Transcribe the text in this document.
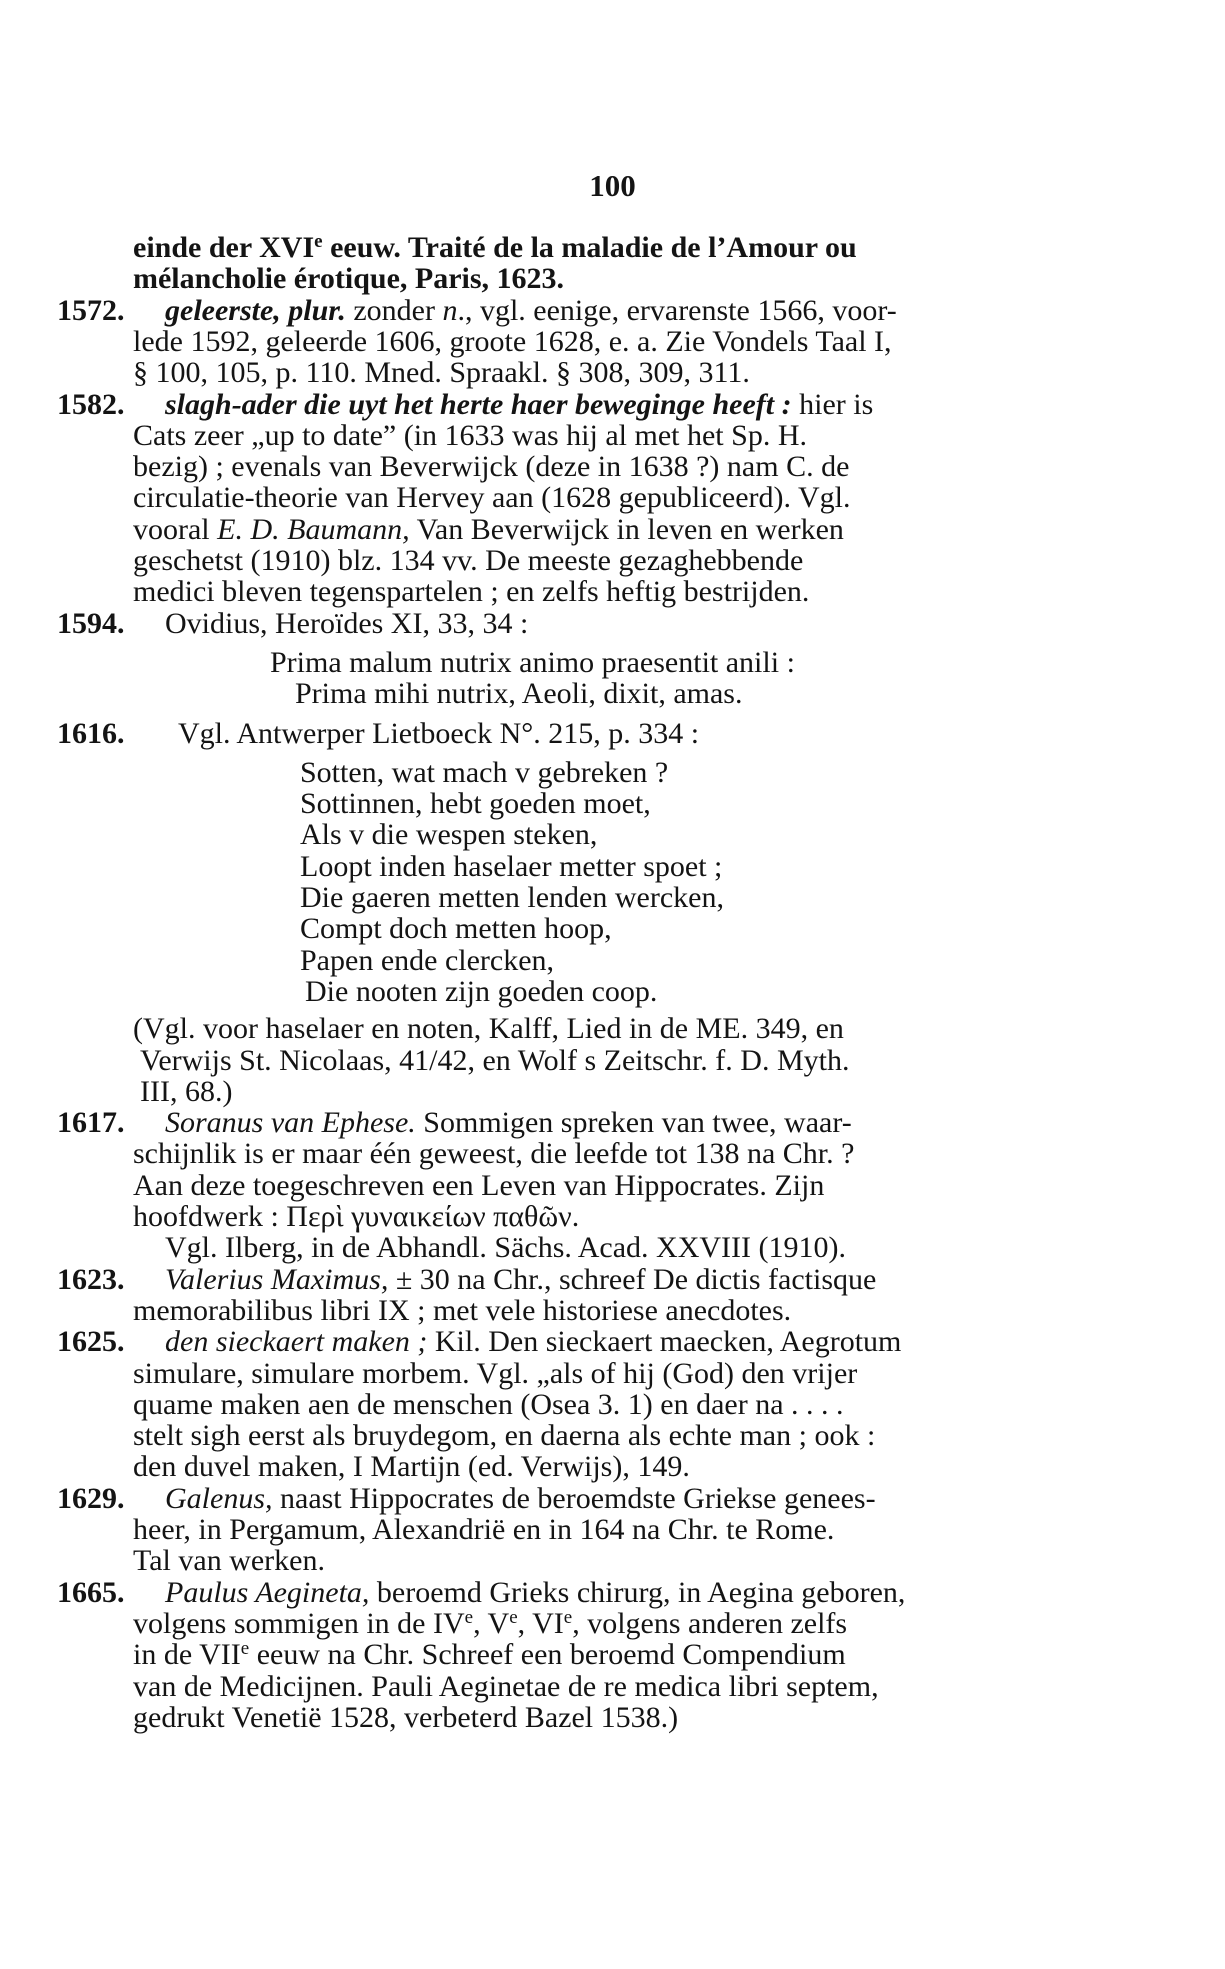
100
einde der XVIe eeuw. Traité de la maladie de l’Amour ou
mélancholie érotique, Paris, 1623.
1572. geleerste, plur. zonder n., vgl. eenige, ervarenste 1566, voor-
lede 1592, geleerde 1606, groote 1628, e. a. Zie Vondels Taal I,
§ 100, 105, p. 110. Mned. Spraakl. § 308, 309, 311.
1582. slagh-ader die uyt het herte haer beweginge heeft : hier is
Cats zeer „up to date” (in 1633 was hij al met het Sp. H.
bezig) ; evenals van Beverwijck (deze in 1638 ?) nam C. de
circulatie-theorie van Hervey aan (1628 gepubliceerd). Vgl.
vooral E. D. Baumann, Van Beverwijck in leven en werken
geschetst (1910) blz. 134 vv. De meeste gezaghebbende
medici bleven tegenspartelen ; en zelfs heftig bestrijden.
1594. Ovidius, Heroïdes XI, 33, 34 :
Prima malum nutrix animo praesentit anili :
Prima mihi nutrix, Aeoli, dixit, amas.
1616. Vgl. Antwerper Lietboeck N°. 215, p. 334 :
Sotten, wat mach v gebreken ?
Sottinnen, hebt goeden moet,
Als v die wespen steken,
Loopt inden haselaer metter spoet ;
Die gaeren metten lenden wercken,
Compt doch metten hoop,
Papen ende clercken,
Die nooten zijn goeden coop.
(Vgl. voor haselaer en noten, Kalff, Lied in de ME. 349, en
Verwijs St. Nicolaas, 41/42, en Wolf s Zeitschr. f. D. Myth.
III, 68.)
1617. Soranus van Ephese. Sommigen spreken van twee, waar-
schijnlik is er maar één geweest, die leefde tot 138 na Chr. ?
Aan deze toegeschreven een Leven van Hippocrates. Zijn
hoofdwerk : Περὶ γυναικείων παθῶν.
Vgl. Ilberg, in de Abhandl. Sächs. Acad. XXVIII (1910).
1623. Valerius Maximus, ± 30 na Chr., schreef De dictis factisque
memorabilibus libri IX ; met vele historiese anecdotes.
1625. den sieckaert maken ; Kil. Den sieckaert maecken, Aegrotum
simulare, simulare morbem. Vgl. „als of hij (God) den vrijer
quame maken aen de menschen (Osea 3. 1) en daer na . . . .
stelt sigh eerst als bruydegom, en daerna als echte man ; ook :
den duvel maken, I Martijn (ed. Verwijs), 149.
1629. Galenus, naast Hippocrates de beroemdste Griekse genees-
heer, in Pergamum, Alexandrië en in 164 na Chr. te Rome.
Tal van werken.
1665. Paulus Aegineta, beroemd Grieks chirurg, in Aegina geboren,
volgens sommigen in de IVe, Ve, VIe, volgens anderen zelfs
in de VIIe eeuw na Chr. Schreef een beroemd Compendium
van de Medicijnen. Pauli Aeginetae de re medica libri septem,
gedrukt Venetië 1528, verbeterd Bazel 1538.)
